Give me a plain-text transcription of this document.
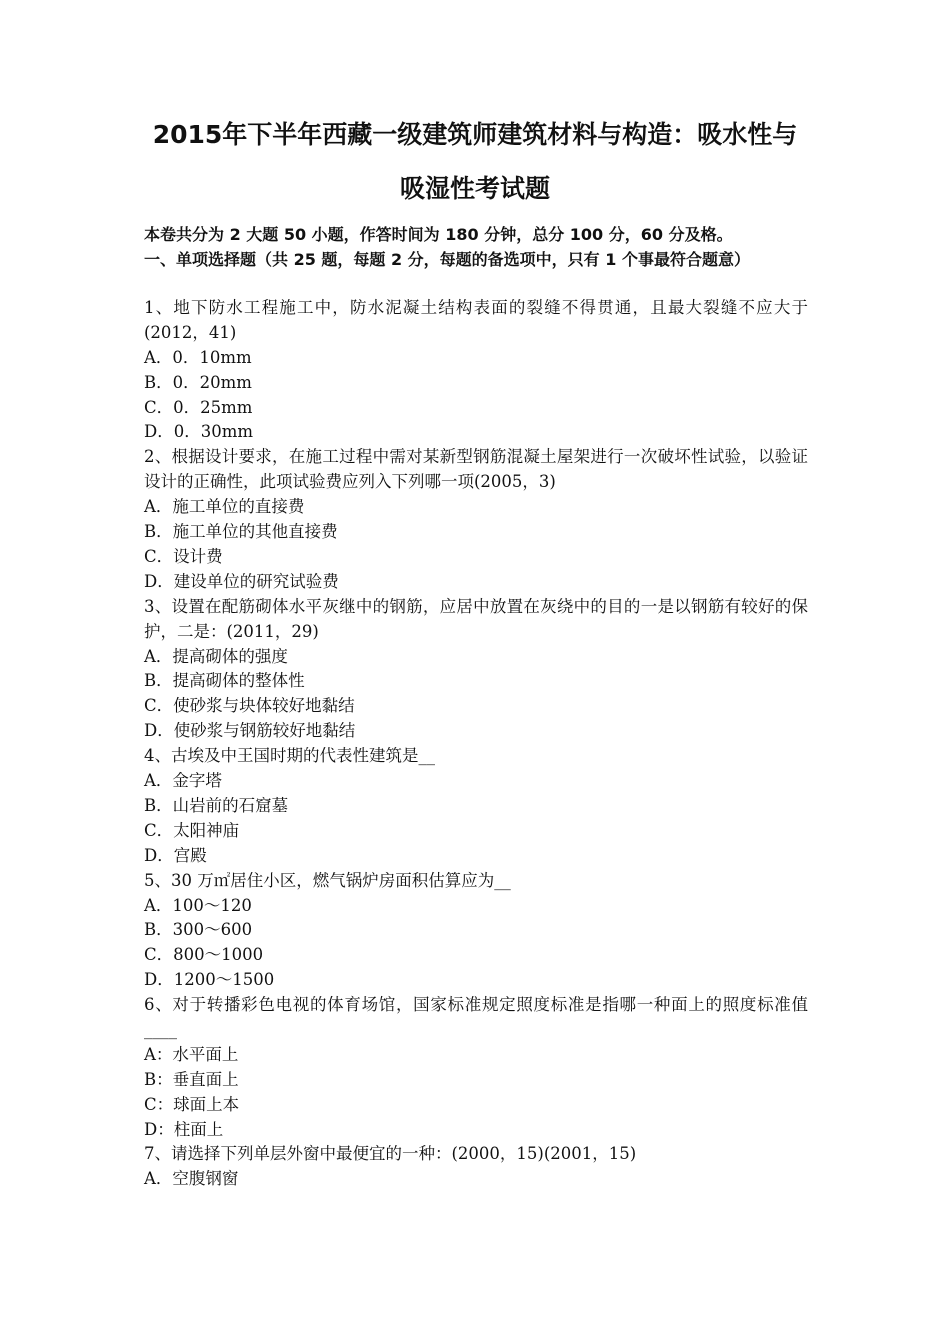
2015年下半年西藏一级建筑师建筑材料与构造：吸水性与
吸湿性考试题
本卷共分为 2 大题 50 小题，作答时间为 180 分钟，总分 100 分，60 分及格。
一、单项选择题（共 25 题，每题 2 分，每题的备选项中，只有 1 个事最符合题意）
1、地下防水工程施工中，防水泥凝土结构表面的裂缝不得贯通，且最大裂缝不应大于(2012，41)
A．0．10mm
B．0．20mm
C．0．25mm
D．0．30mm
2、根据设计要求，在施工过程中需对某新型钢筋混凝土屋架进行一次破坏性试验，以验证设计的正确性，此项试验费应列入下列哪一项(2005，3)
A．施工单位的直接费
B．施工单位的其他直接费
C．设计费
D．建设单位的研究试验费
3、设置在配筋砌体水平灰继中的钢筋，应居中放置在灰绕中的目的一是以钢筋有较好的保护，二是：(2011，29)
A．提高砌体的强度
B．提高砌体的整体性
C．使砂浆与块体较好地黏结
D．使砂浆与钢筋较好地黏结
4、古埃及中王国时期的代表性建筑是__
A．金字塔
B．山岩前的石窟墓
C．太阳神庙
D．宫殿
5、30 万㎡居住小区，燃气锅炉房面积估算应为__
A．100～120
B．300～600
C．800～1000
D．1200～1500
6、对于转播彩色电视的体育场馆，国家标准规定照度标准是指哪一种面上的照度标准值____
A：水平面上
B：垂直面上
C：球面上本
D：柱面上
7、请选择下列单层外窗中最便宜的一种：(2000，15)(2001，15)
A．空腹钢窗
